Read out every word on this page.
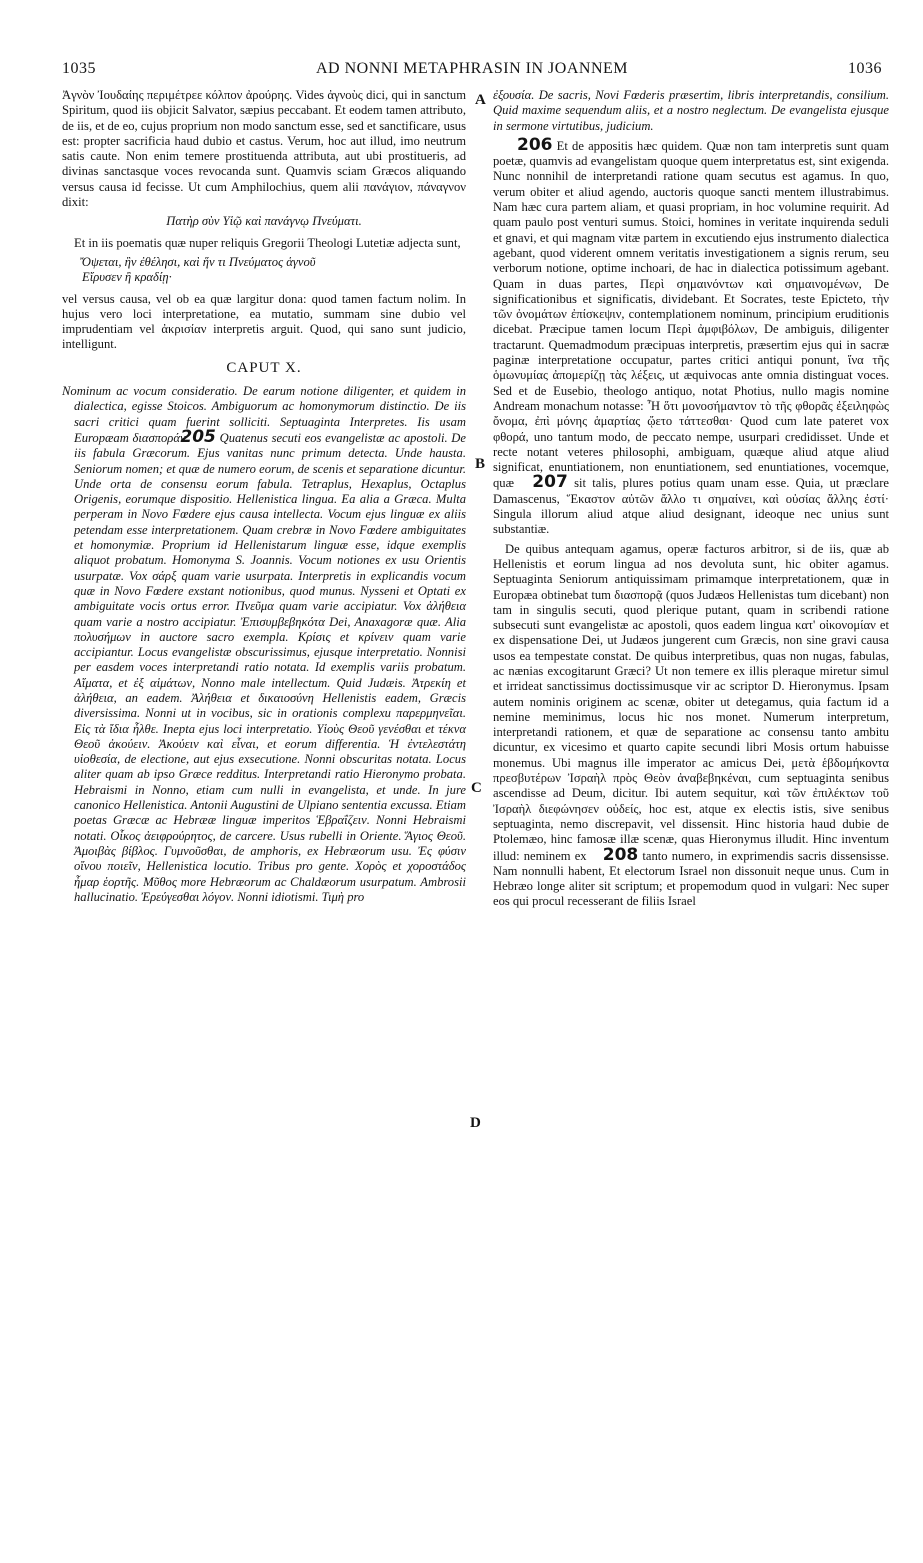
1035	AD NONNI METAPHRASIN IN JOANNEM	1036
A
B
C
D

Ἀγνὸν Ἰουδαίης περιμέτρεε κόλπον ἀρούρης. Vides ἀγνοὺς dici, qui in sanctum Spiritum, quod iis objicit Salvator, sæpius peccabant. Et eodem tamen attributo, de iis, et de eo, cujus proprium non modo sanctum esse, sed et sanctificare, usus est: propter sacrificia haud dubio et castus. Verum, hoc aut illud, imo neutrum satis caute. Non enim temere prostituenda attributa, aut ubi prostitueris, ad divinas sanctasque voces revocanda sunt. Quamvis sciam Græcos aliquando versus causa id fecisse. Ut cum Amphilochius, quem alii πανάγιον, πάναγνον dixit:

Πατὴρ σὺν Υἱῷ καὶ πανάγνῳ Πνεύματι.

Et in iis poematis quæ nuper reliquis Gregorii Theologi Lutetiæ adjecta sunt,

Ὄψεται, ἣν ἐθέλησι, καὶ ἥν τι Πνεύματος ἁγνοῦ
Εἴρυσεν ἢ κραδίῃ·

vel versus causa, vel ob ea quæ largitur dona: quod tamen factum nolim. In hujus vero loci interpretatione, ea mutatio, summam sine dubio vel imprudentiam vel ἀκρισίαν interpretis arguit. Quod, qui sano sunt judicio, intelligunt.

CAPUT X.
Nominum ac vocum consideratio. De earum notione diligenter, et quidem in dialectica, egisse Stoicos. Ambiguorum ac homonymorum distinctio. De iis sacri critici quam fuerint solliciti. Septuaginta Interpretes. Iis usam Europæam διασποράν. 205 Quatenus secuti eos evangelistæ ac apostoli. De iis fabula Græcorum. Ejus vanitas nunc primum detecta. Unde hausta. Seniorum nomen; et quæ de numero eorum, de scenis et separatione dicuntur. Unde orta de consensu eorum fabula. Tetraplus, Hexaplus, Octaplus Origenis, eorumque dispositio. Hellenistica lingua. Ea alia a Græca. Multa perperam in Novo Fœdere ejus causa intellecta. Vocum ejus linguæ ex aliis petendam esse interpretationem. Quam crebræ in Novo Fœdere ambiguitates et homonymiæ. Proprium id Hellenistarum linguæ esse, idque exemplis aliquot probatum. Homonyma S. Joannis. Vocum notiones ex usu Orientis usurpatæ. Vox σάρξ quam varie usurpata. Interpretis in explicandis vocum quæ in Novo Fœdere exstant notionibus, quod munus. Nysseni et Optati ex ambiguitate vocis ortus error. Πνεῦμα quam varie accipiatur. Vox ἀλήθεια quam varie a nostro accipiatur. Ἐπισυμβεβηκότα Dei, Anaxagoræ quæ. Alia πολυσήμων in auctore sacro exempla. Κρίσις et κρίνειν quam varie accipiantur. Locus evangelistæ obscurissimus, ejusque interpretatio. Nonnisi per easdem voces interpretandi ratio notata. Id exemplis variis probatum. Αἵματα, et ἐξ αἱμάτων, Nonno male intellectum. Quid Judæis. Ἀτρεκίη et ἀλήθεια, an eadem. Ἀλήθεια et δικαιοσύνη Hellenistis eadem, Græcis diversissima. Nonni ut in vocibus, sic in orationis complexu παρερμηνεῖαι. Εἰς τὰ ἴδια ἦλθε. Inepta ejus loci interpretatio. Υἱοὺς Θεοῦ γενέσθαι et τέκνα Θεοῦ ἀκούειν. Ἀκούειν καὶ εἶναι, et eorum differentia. Ἡ ἐντελεστάτη υἱοθεσία, de electione, aut ejus exsecutione. Nonni obscuritas notata. Locus aliter quam ab ipso Græce redditus. Interpretandi ratio Hieronymo probata. Hebraismi in Nonno, etiam cum nulli in evangelista, et unde. In jure canonico Hellenistica. Antonii Augustini de Ulpiano sententia excussa. Etiam poetas Græcæ ac Hebrææ linguæ imperitos Ἑβραΐζειν. Nonni Hebraismi notati. Οἶκος ἀειφρούρητος, de carcere. Usus rubelli in Oriente. Ἅγιος Θεοῦ. Ἀμοιβὰς βίβλος. Γυμνοῦσθαι, de amphoris, ex Hebræorum usu. Ἐς φύσιν οἴνου ποιεῖν, Hellenistica locutio. Tribus pro gente. Χορὸς et χοροστάδος ἦμαρ ἑορτῆς. Μῦθος more Hebræorum ac Chaldæorum usurpatum. Ambrosii hallucinatio. Ἐρεύγεσθαι λόγον. Nonni idiotismi. Τιμὴ pro

ἐξουσία. De sacris, Novi Fœderis præsertim, libris interpretandis, consilium. Quid maxime sequendum aliis, et a nostro neglectum. De evangelista ejusque in sermone virtutibus, judicium.

206 Et de appositis hæc quidem. Quæ non tam interpretis sunt quam poetæ, quamvis ad evangelistam quoque quem interpretatus est, sint exigenda. Nunc nonnihil de interpretandi ratione quam secutus est agamus. In quo, verum obiter et aliud agendo, auctoris quoque sancti mentem illustrabimus. Nam hæc cura partem aliam, et quasi propriam, in hoc volumine requirit. Ad quam paulo post venturi sumus. Stoici, homines in veritate inquirenda seduli et gnavi, et qui magnam vitæ partem in excutiendo ejus instrumento dialectica agebant, quod viderent omnem veritatis investigationem a signis rerum, seu verborum notione, optime inchoari, de hac in dialectica potissimum agebant. Quam in duas partes, Περὶ σημαινόντων καὶ σημαινομένων, De significationibus et significatis, dividebant. Et Socrates, teste Epicteto, τὴν τῶν ὀνομάτων ἐπίσκεψιν, contemplationem nominum, principium eruditionis dicebat. Præcipue tamen locum Περὶ ἀμφιβόλων, De ambiguis, diligenter tractarunt. Quemadmodum præcipuas interpretis, præsertim ejus qui in sacræ paginæ interpretatione occupatur, partes critici antiqui ponunt, ἵνα τῆς ὁμωνυμίας ἀπομερίζῃ τὰς λέξεις, ut æquivocas ante omnia distinguat voces. Sed et de Eusebio, theologo antiquo, notat Photius, nullo magis nomine Andream monachum notasse: Ἦ ὅτι μονοσήμαντον τὸ τῆς φθορᾶς ἐξειληφὼς ὄνομα, ἐπὶ μόνης ἁμαρτίας ᾤετο τάττεσθαι· Quod cum late pateret vox φθορά, uno tantum modo, de peccato nempe, usurpari credidisset. Unde et recte notant veteres philosophi, ambiguam, quæque aliud atque aliud significat, enuntiationem, non enuntiationem, sed enuntiationes, vocemque, quæ 207 sit talis, plures potius quam unam esse. Quia, ut præclare Damascenus, Ἕκαστον αὐτῶν ἄλλο τι σημαίνει, καὶ οὐσίας ἄλλης ἐστί· Singula illorum aliud atque aliud designant, ideoque nec unius sunt substantiæ.

De quibus antequam agamus, operæ facturos arbitror, si de iis, quæ ab Hellenistis et eorum lingua ad nos devoluta sunt, hic obiter agamus. Septuaginta Seniorum antiquissimam primamque interpretationem, quæ in Europæa obtinebat tum διασπορᾷ (quos Judæos Hellenistas tum dicebant) non tam in singulis secuti, quod plerique putant, quam in scribendi ratione subsecuti sunt evangelistæ ac apostoli, quos eadem lingua κατ' οἰκονομίαν et ex dispensatione Dei, ut Judæos jungerent cum Græcis, non sine gravi causa usos ea tempestate constat. De quibus interpretibus, quas non nugas, fabulas, ac nænias excogitarunt Græci? Ut non temere ex illis pleraque miretur simul et irrideat sanctissimus doctissimusque vir ac scriptor D. Hieronymus. Ipsam autem nominis originem ac scenæ, obiter ut detegamus, quia factum id a nemine meminimus, locus hic nos monet. Numerum interpretum, interpretandi rationem, et quæ de separatione ac consensu tanto ambitu dicuntur, ex vicesimo et quarto capite secundi libri Mosis ortum habuisse monemus. Ubi magnus ille imperator ac amicus Dei, μετὰ ἑβδομήκοντα πρεσβυτέρων Ἰσραὴλ πρὸς Θεὸν ἀναβεβηκέναι, cum septuaginta senibus ascendisse ad Deum, dicitur. Ibi autem sequitur, καὶ τῶν ἐπιλέκτων τοῦ Ἰσραὴλ διεφώνησεν οὐδείς, hoc est, atque ex electis istis, sive senibus septuaginta, nemo discrepavit, vel dissensit. Hinc historia haud dubie de Ptolemæo, hinc famosæ illæ scenæ, quas Hieronymus illudit. Hinc inventum illud: neminem ex 208 tanto numero, in exprimendis sacris dissensisse. Nam nonnulli habent, Et electorum Israel non dissonuit neque unus. Cum in Hebræo longe aliter sit scriptum; et propemodum quod in vulgari: Nec super eos qui procul recesserant de filiis Israel
